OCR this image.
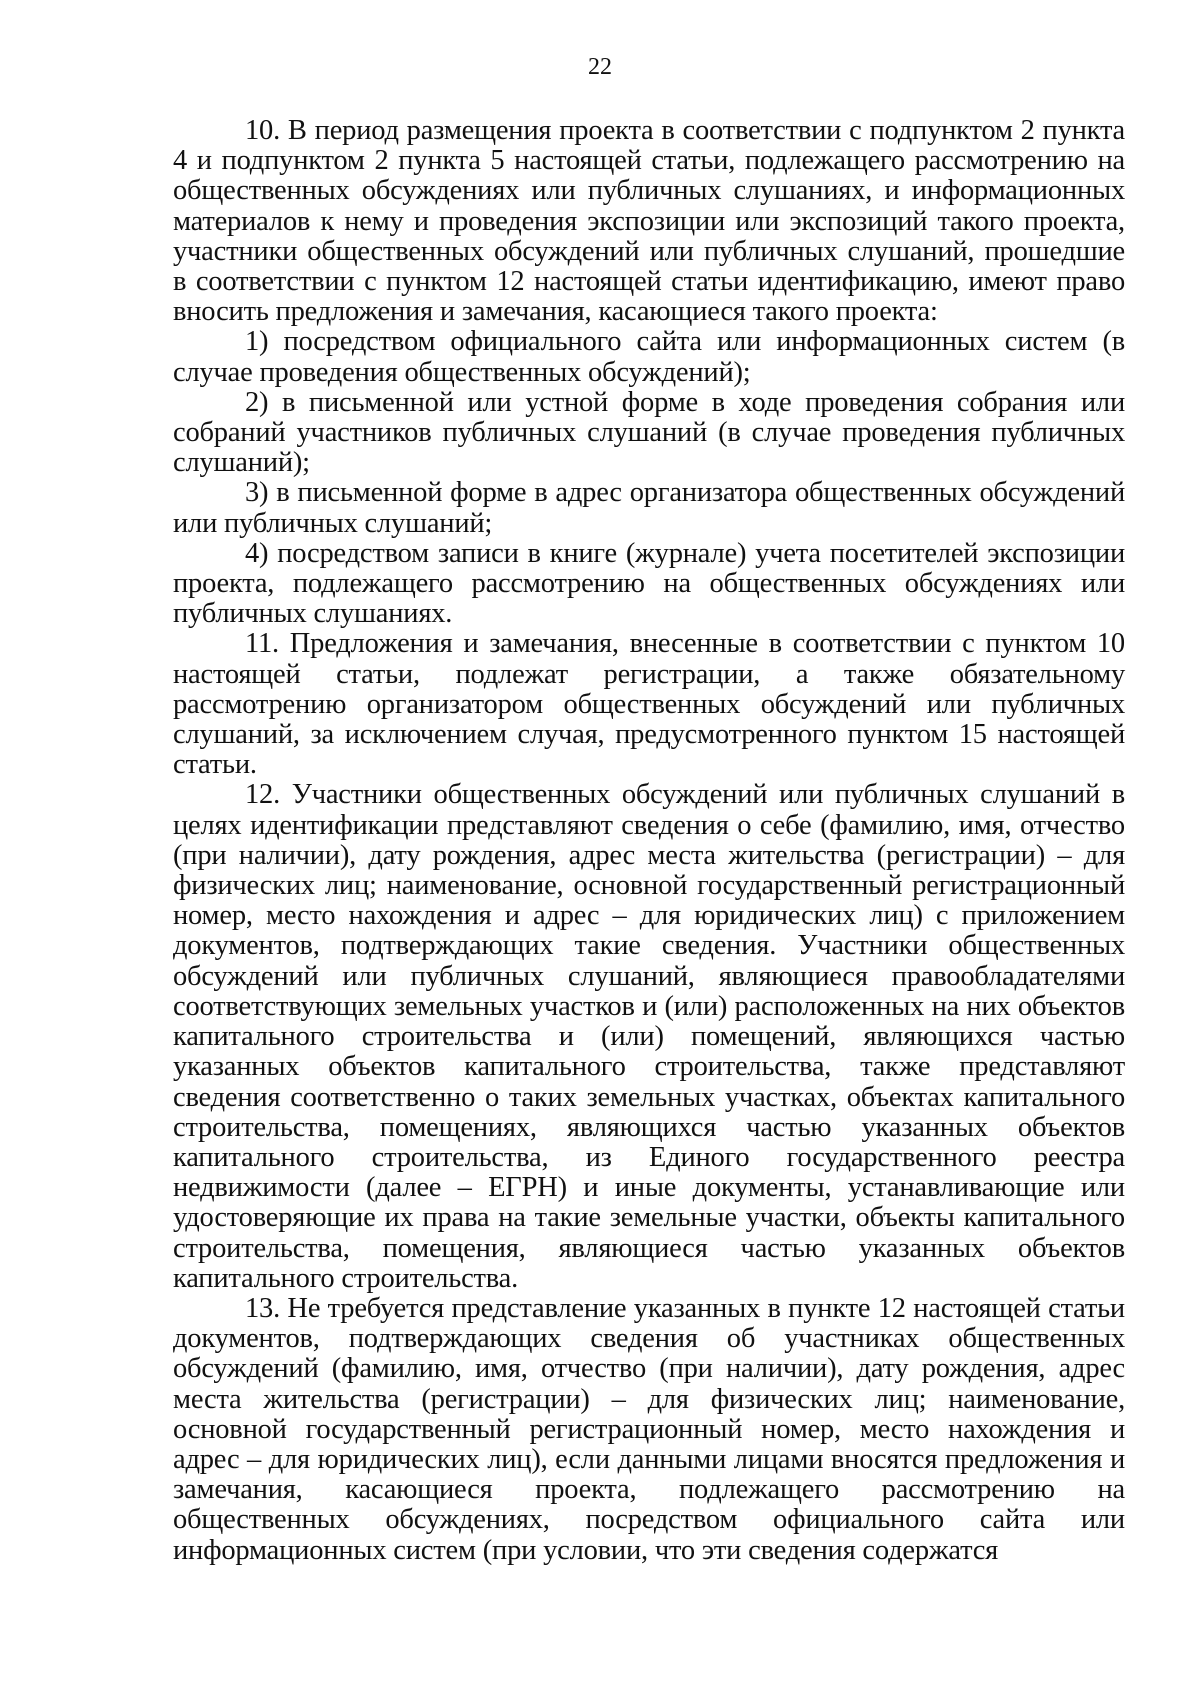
22

10. В период размещения проекта в соответствии с подпунктом 2 пункта 4 и подпунктом 2 пункта 5 настоящей статьи, подлежащего рассмотрению на общественных обсуждениях или публичных слушаниях, и информационных материалов к нему и проведения экспозиции или экспозиций такого проекта, участники общественных обсуждений или публичных слушаний, прошедшие в соответствии с пунктом 12 настоящей статьи идентификацию, имеют право вносить предложения и замечания, касающиеся такого проекта:

1) посредством официального сайта или информационных систем (в случае проведения общественных обсуждений);

2) в письменной или устной форме в ходе проведения собрания или собраний участников публичных слушаний (в случае проведения публичных слушаний);

3) в письменной форме в адрес организатора общественных обсуждений или публичных слушаний;

4) посредством записи в книге (журнале) учета посетителей экспозиции проекта, подлежащего рассмотрению на общественных обсуждениях или публичных слушаниях.

11. Предложения и замечания, внесенные в соответствии с пунктом 10 настоящей статьи, подлежат регистрации, а также обязательному рассмотрению организатором общественных обсуждений или публичных слушаний, за исключением случая, предусмотренного пунктом 15 настоящей статьи.

12. Участники общественных обсуждений или публичных слушаний в целях идентификации представляют сведения о себе (фамилию, имя, отчество (при наличии), дату рождения, адрес места жительства (регистрации) – для физических лиц; наименование, основной государственный регистрационный номер, место нахождения и адрес – для юридических лиц) с приложением документов, подтверждающих такие сведения. Участники общественных обсуждений или публичных слушаний, являющиеся правообладателями соответствующих земельных участков и (или) расположенных на них объектов капитального строительства и (или) помещений, являющихся частью указанных объектов капитального строительства, также представляют сведения соответственно о таких земельных участках, объектах капитального строительства, помещениях, являющихся частью указанных объектов капитального строительства, из Единого государственного реестра недвижимости (далее – ЕГРН) и иные документы, устанавливающие или удостоверяющие их права на такие земельные участки, объекты капитального строительства, помещения, являющиеся частью указанных объектов капитального строительства.

13. Не требуется представление указанных в пункте 12 настоящей статьи документов, подтверждающих сведения об участниках общественных обсуждений (фамилию, имя, отчество (при наличии), дату рождения, адрес места жительства (регистрации) – для физических лиц; наименование, основной государственный регистрационный номер, место нахождения и адрес – для юридических лиц), если данными лицами вносятся предложения и замечания, касающиеся проекта, подлежащего рассмотрению на общественных обсуждениях, посредством официального сайта или информационных систем (при условии, что эти сведения содержатся
